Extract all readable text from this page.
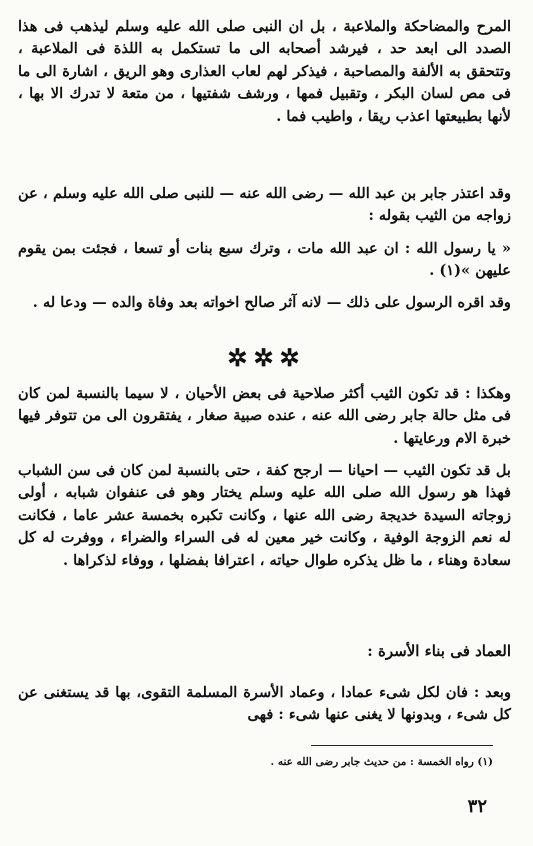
المرح والمضاحكة والملاعبة ، بل ان النبى صلى الله عليه وسلم ليذهب فى هذا الصدد الى ابعد حد ، فيرشد أصحابه الى ما تستكمل به اللذة فى الملاعبة ، وتتحقق به الألفة والمصاحبة ، فيذكر لهم لعاب العذارى وهو الريق ، اشارة الى ما فى مص لسان البكر ، وتقبيل فمها ، ورشف شفتيها ، من متعة لا تدرك الا بها ، لأنها بطبيعتها اعذب ريقا ، واطيب فما .

وقد اعتذر جابر بن عبد الله — رضى الله عنه — للنبى صلى الله عليه وسلم ، عن زواجه من الثيب بقوله :

« يا رسول الله : ان عبد الله مات ، وترك سبع بنات أو تسعا ، فجئت بمن يقوم عليهن »(١) .

وقد اقره الرسول على ذلك — لانه آثر صالح اخواته بعد وفاة والده — ودعا له .

✲✲✲

وهكذا : قد تكون الثيب أكثر صلاحية فى بعض الأحيان ، لا سيما بالنسبة لمن كان فى مثل حالة جابر رضى الله عنه ، عنده صبية صغار ، يفتقرون الى من تتوفر فيها خبرة الام ورعايتها .

بل قد تكون الثيب — احيانا — ارجح كفة ، حتى بالنسبة لمن كان فى سن الشباب فهذا هو رسول الله صلى الله عليه وسلم يختار وهو فى عنفوان شبابه ، أولى زوجاته السيدة خديجة رضى الله عنها ، وكانت تكبره بخمسة عشر عاما ، فكانت له نعم الزوجة الوفية ، وكانت خير معين له فى السراء والضراء ، ووفرت له كل سعادة وهناء ، ما ظل يذكره طوال حياته ، اعترافا بفضلها ، ووفاء لذكراها .

العماد فى بناء الأسرة :

وبعد : فان لكل شىء عمادا ، وعماد الأسرة المسلمة التقوى، بها قد يستغنى عن كل شىء ، وبدونها لا يغنى عنها شىء : فهى

(١) رواه الخمسة : من حديث جابر رضى الله عنه .
٣٢
